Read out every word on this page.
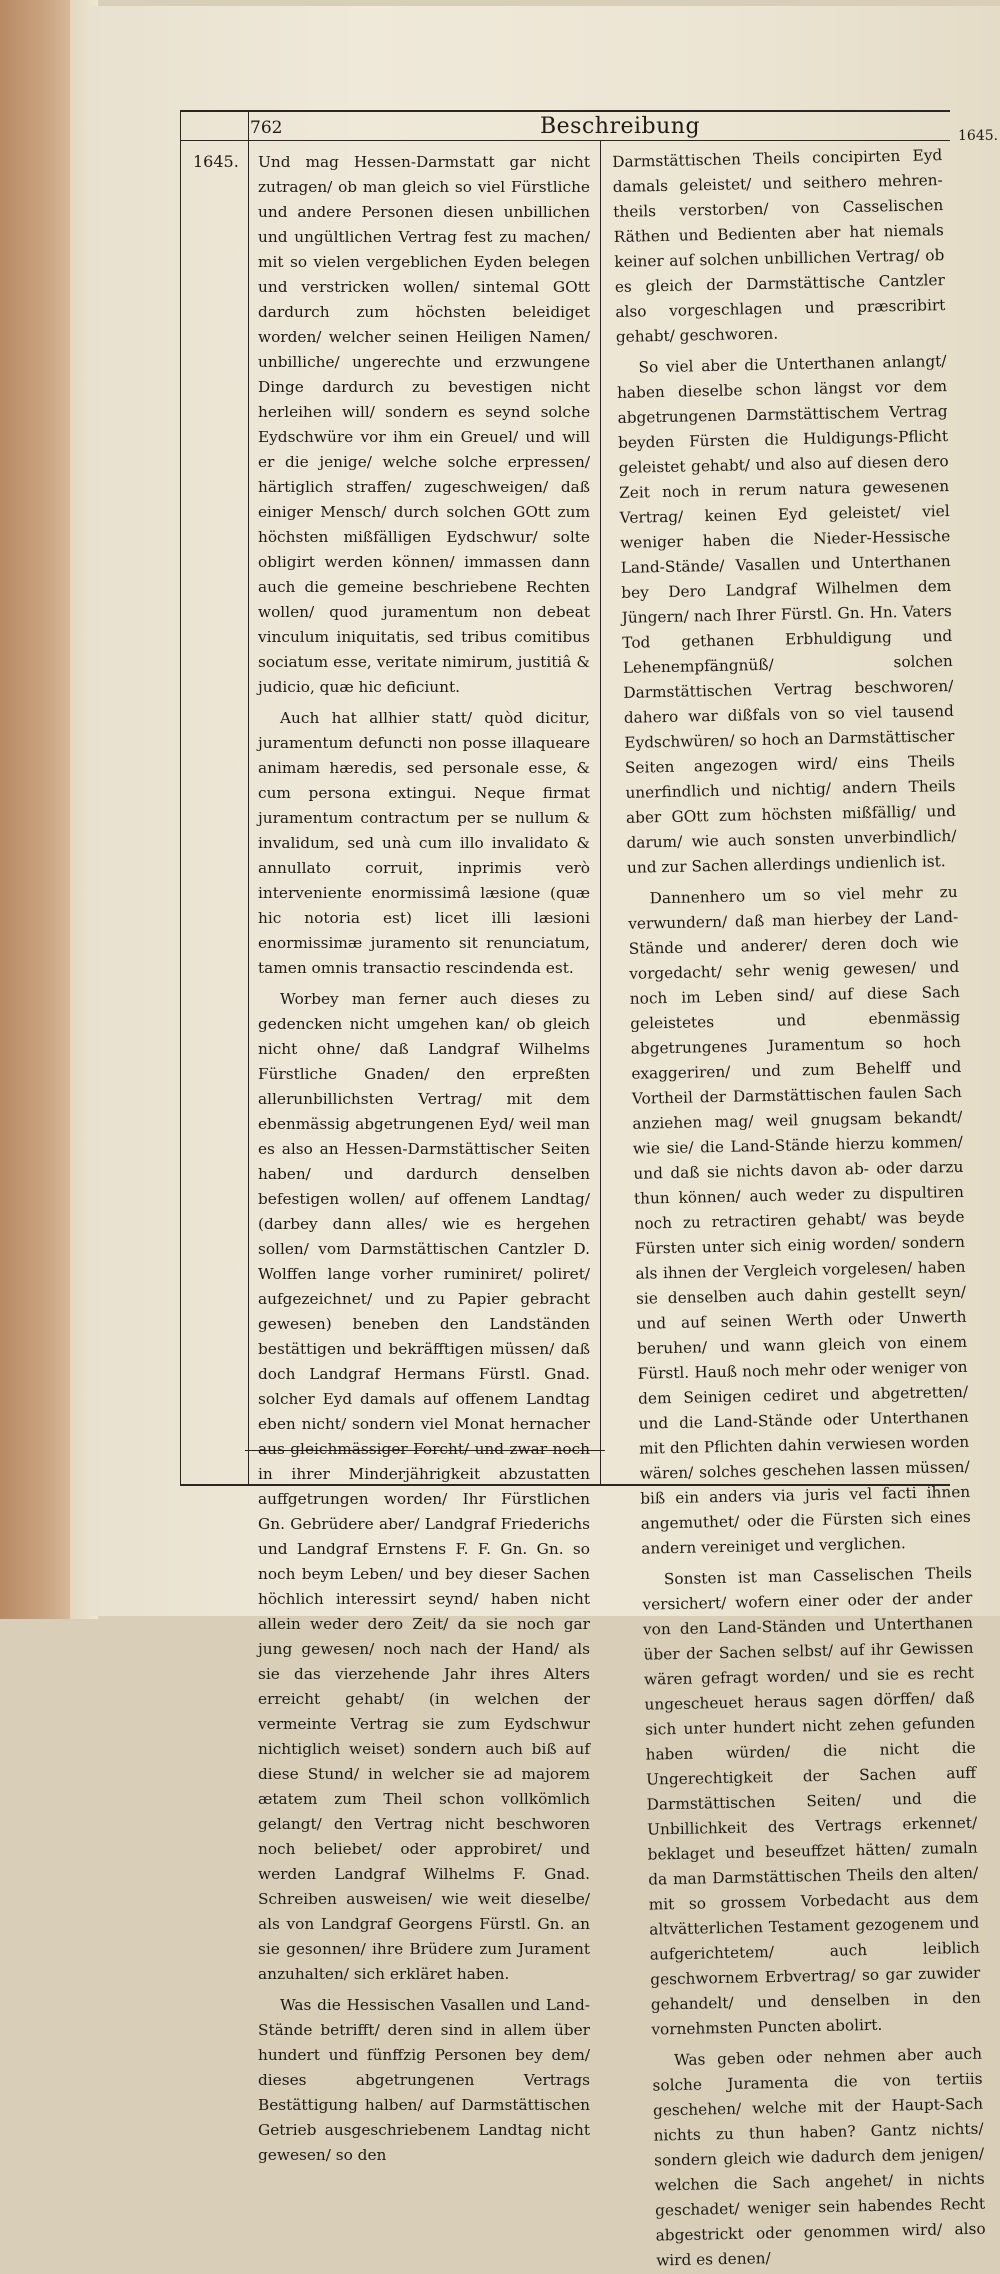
762	Beschreibung
1645.
1645.

Und mag Hessen-Darmstatt gar nicht zutragen/ ob man gleich so viel Fürstliche und andere Personen diesen unbillichen und ungültlichen Vertrag fest zu machen/ mit so vielen vergeblichen Eyden belegen und verstricken wollen/ sintemal GOtt dardurch zum höchsten beleidiget worden/ welcher seinen Heiligen Namen/ unbilliche/ ungerechte und erzwungene Dinge dardurch zu bevestigen nicht herleihen will/ sondern es seynd solche Eydschwüre vor ihm ein Greuel/ und will er die jenige/ welche solche erpressen/ härtiglich straffen/ zugeschweigen/ daß einiger Mensch/ durch solchen GOtt zum höchsten mißfälligen Eydschwur/ solte obligirt werden können/ immassen dann auch die gemeine beschriebene Rechten wollen/ quod juramentum non debeat vinculum iniquitatis, sed tribus comitibus sociatum esse, veritate nimirum, justitiâ & judicio, quæ hic deficiunt.

Auch hat allhier statt/ quòd dicitur, juramentum defuncti non posse illaqueare animam hæredis, sed personale esse, & cum persona extingui. Neque firmat juramentum contractum per se nullum & invalidum, sed unà cum illo invalidato & annullato corruit, inprimis verò interveniente enormissimâ læsione (quæ hic notoria est) licet illi læsioni enormissimæ juramento sit renunciatum, tamen omnis transactio rescindenda est.

Worbey man ferner auch dieses zu gedencken nicht umgehen kan/ ob gleich nicht ohne/ daß Landgraf Wilhelms Fürstliche Gnaden/ den erpreßten allerunbillichsten Vertrag/ mit dem ebenmässig abgetrungenen Eyd/ weil man es also an Hessen-Darmstättischer Seiten haben/ und dardurch denselben befestigen wollen/ auf offenem Landtag/ (darbey dann alles/ wie es hergehen sollen/ vom Darmstättischen Cantzler D. Wolffen lange vorher ruminiret/ poliret/ aufgezeichnet/ und zu Papier gebracht gewesen) beneben den Landständen bestättigen und bekräfftigen müssen/ daß doch Landgraf Hermans Fürstl. Gnad. solcher Eyd damals auf offenem Landtag eben nicht/ sondern viel Monat hernacher aus gleichmässiger Forcht/ und zwar noch in ihrer Minderjährigkeit abzustatten auffgetrungen worden/ Ihr Fürstlichen Gn. Gebrüdere aber/ Landgraf Friederichs und Landgraf Ernstens F. F. Gn. Gn. so noch beym Leben/ und bey dieser Sachen höchlich interessirt seynd/ haben nicht allein weder dero Zeit/ da sie noch gar jung gewesen/ noch nach der Hand/ als sie das vierzehende Jahr ihres Alters erreicht gehabt/ (in welchen der vermeinte Vertrag sie zum Eydschwur nichtiglich weiset) sondern auch biß auf diese Stund/ in welcher sie ad majorem ætatem zum Theil schon vollkömlich gelangt/ den Vertrag nicht beschworen noch beliebet/ oder approbiret/ und werden Landgraf Wilhelms F. Gnad. Schreiben ausweisen/ wie weit dieselbe/ als von Landgraf Georgens Fürstl. Gn. an sie gesonnen/ ihre Brüdere zum Jurament anzuhalten/ sich erkläret haben.

Was die Hessischen Vasallen und Land-Stände betrifft/ deren sind in allem über hundert und fünffzig Personen bey dem/ dieses abgetrungenen Vertrags Bestättigung halben/ auf Darmstättischen Getrieb ausgeschriebenem Landtag nicht gewesen/ so den

Darmstättischen Theils concipirten Eyd damals geleistet/ und seithero mehren-theils verstorben/ von Casselischen Räthen und Bedienten aber hat niemals keiner auf solchen unbillichen Vertrag/ ob es gleich der Darmstättische Cantzler also vorgeschlagen und præscribirt gehabt/ geschworen.

So viel aber die Unterthanen anlangt/ haben dieselbe schon längst vor dem abgetrungenen Darmstättischem Vertrag beyden Fürsten die Huldigungs-Pflicht geleistet gehabt/ und also auf diesen dero Zeit noch in rerum natura gewesenen Vertrag/ keinen Eyd geleistet/ viel weniger haben die Nieder-Hessische Land-Stände/ Vasallen und Unterthanen bey Dero Landgraf Wilhelmen dem Jüngern/ nach Ihrer Fürstl. Gn. Hn. Vaters Tod gethanen Erbhuldigung und Lehenempfängnüß/ solchen Darmstättischen Vertrag beschworen/ dahero war dißfals von so viel tausend Eydschwüren/ so hoch an Darmstättischer Seiten angezogen wird/ eins Theils unerfindlich und nichtig/ andern Theils aber GOtt zum höchsten mißfällig/ und darum/ wie auch sonsten unverbindlich/ und zur Sachen allerdings undienlich ist.

Dannenhero um so viel mehr zu verwundern/ daß man hierbey der Land-Stände und anderer/ deren doch wie vorgedacht/ sehr wenig gewesen/ und noch im Leben sind/ auf diese Sach geleistetes und ebenmässig abgetrungenes Juramentum so hoch exaggeriren/ und zum Behelff und Vortheil der Darmstättischen faulen Sach anziehen mag/ weil gnugsam bekandt/ wie sie/ die Land-Stände hierzu kommen/ und daß sie nichts davon ab- oder darzu thun können/ auch weder zu dispultiren noch zu retractiren gehabt/ was beyde Fürsten unter sich einig worden/ sondern als ihnen der Vergleich vorgelesen/ haben sie denselben auch dahin gestellt seyn/ und auf seinen Werth oder Unwerth beruhen/ und wann gleich von einem Fürstl. Hauß noch mehr oder weniger von dem Seinigen cediret und abgetretten/ und die Land-Stände oder Unterthanen mit den Pflichten dahin verwiesen worden wären/ solches geschehen lassen müssen/ biß ein anders via juris vel facti ihnen angemuthet/ oder die Fürsten sich eines andern vereiniget und verglichen.

Sonsten ist man Casselischen Theils versichert/ wofern einer oder der ander von den Land-Ständen und Unterthanen über der Sachen selbst/ auf ihr Gewissen wären gefragt worden/ und sie es recht ungescheuet heraus sagen dörffen/ daß sich unter hundert nicht zehen gefunden haben würden/ die nicht die Ungerechtigkeit der Sachen auff Darmstättischen Seiten/ und die Unbillichkeit des Vertrags erkennet/ beklaget und beseuffzet hätten/ zumaln da man Darmstättischen Theils den alten/ mit so grossem Vorbedacht aus dem altvätterlichen Testament gezogenem und aufgerichtetem/ auch leiblich geschwornem Erbvertrag/ so gar zuwider gehandelt/ und denselben in den vornehmsten Puncten abolirt.

Was geben oder nehmen aber auch solche Juramenta die von tertiis geschehen/ welche mit der Haupt-Sach nichts zu thun haben? Gantz nichts/ sondern gleich wie dadurch dem jenigen/ welchen die Sach angehet/ in nichts geschadet/ weniger sein habendes Recht abgestrickt oder genommen wird/ also wird es denen/
